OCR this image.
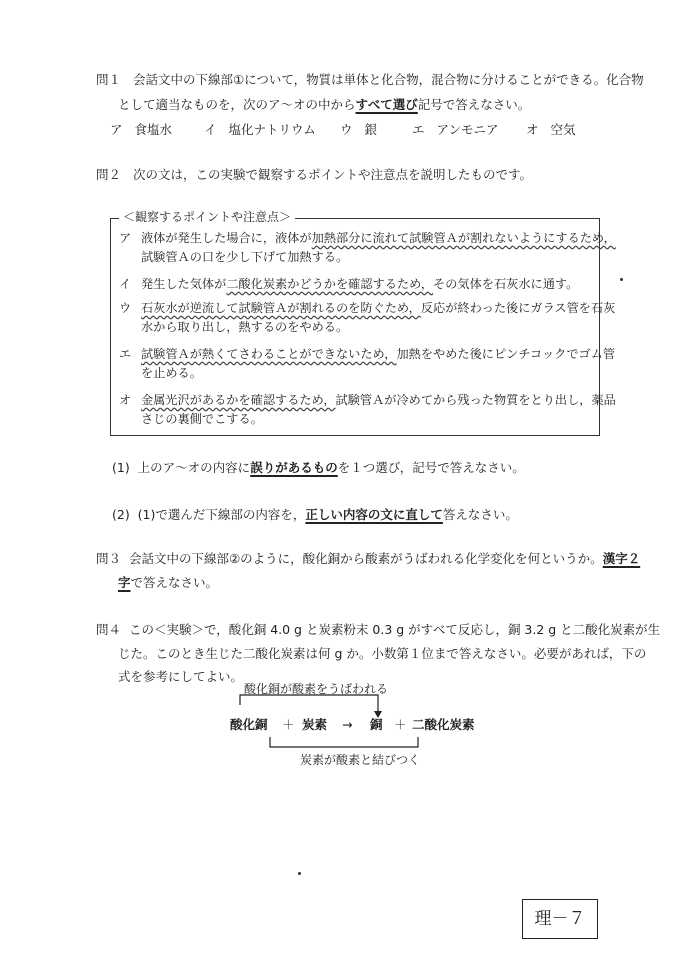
問１ 会話文中の下線部①について，物質は単体と化合物，混合物に分けることができる。化合物
として適当なものを，次のア～オの中からすべて選び記号で答えなさい。
ア 食塩水	イ 塩化ナトリウム ウ 銀	エ アンモニア オ 空気
問２ 次の文は，この実験で観察するポイントや注意点を説明したものです。
＜観察するポイントや注意点＞
ア 液体が発生した場合に，液体が加熱部分に流れて試験管Ａが割れないようにするため，
試験管Ａの口を少し下げて加熱する。
イ 発生した気体が二酸化炭素かどうかを確認するため，その気体を石灰水に通す。
ウ 石灰水が逆流して試験管Ａが割れるのを防ぐため，反応が終わった後にガラス管を石灰
水から取り出し，熱するのをやめる。
エ 試験管Ａが熱くてさわることができないため，加熱をやめた後にピンチコックでゴム管
を止める。
オ 金属光沢があるかを確認するため，試験管Ａが冷めてから残った物質をとり出し，薬品
さじの裏側でこする。
(1) 上のア～オの内容に誤りがあるものを１つ選び，記号で答えなさい。
(2) (1)で選んだ下線部の内容を，正しい内容の文に直して答えなさい。
問３ 会話文中の下線部②のように，酸化銅から酸素がうばわれる化学変化を何というか。漢字２
字で答えなさい。
問４ この＜実験＞で，酸化銅 4.0 g と炭素粉末 0.3 g がすべて反応し，銅 3.2 g と二酸化炭素が生
じた。このとき生じた二酸化炭素は何 g か。小数第１位まで答えなさい。必要があれば，下の
式を参考にしてよい。
酸化銅が酸素をうばわれる
酸化銅 ＋ 炭素 → 銅 ＋ 二酸化炭素
炭素が酸素と結びつく
理－７
